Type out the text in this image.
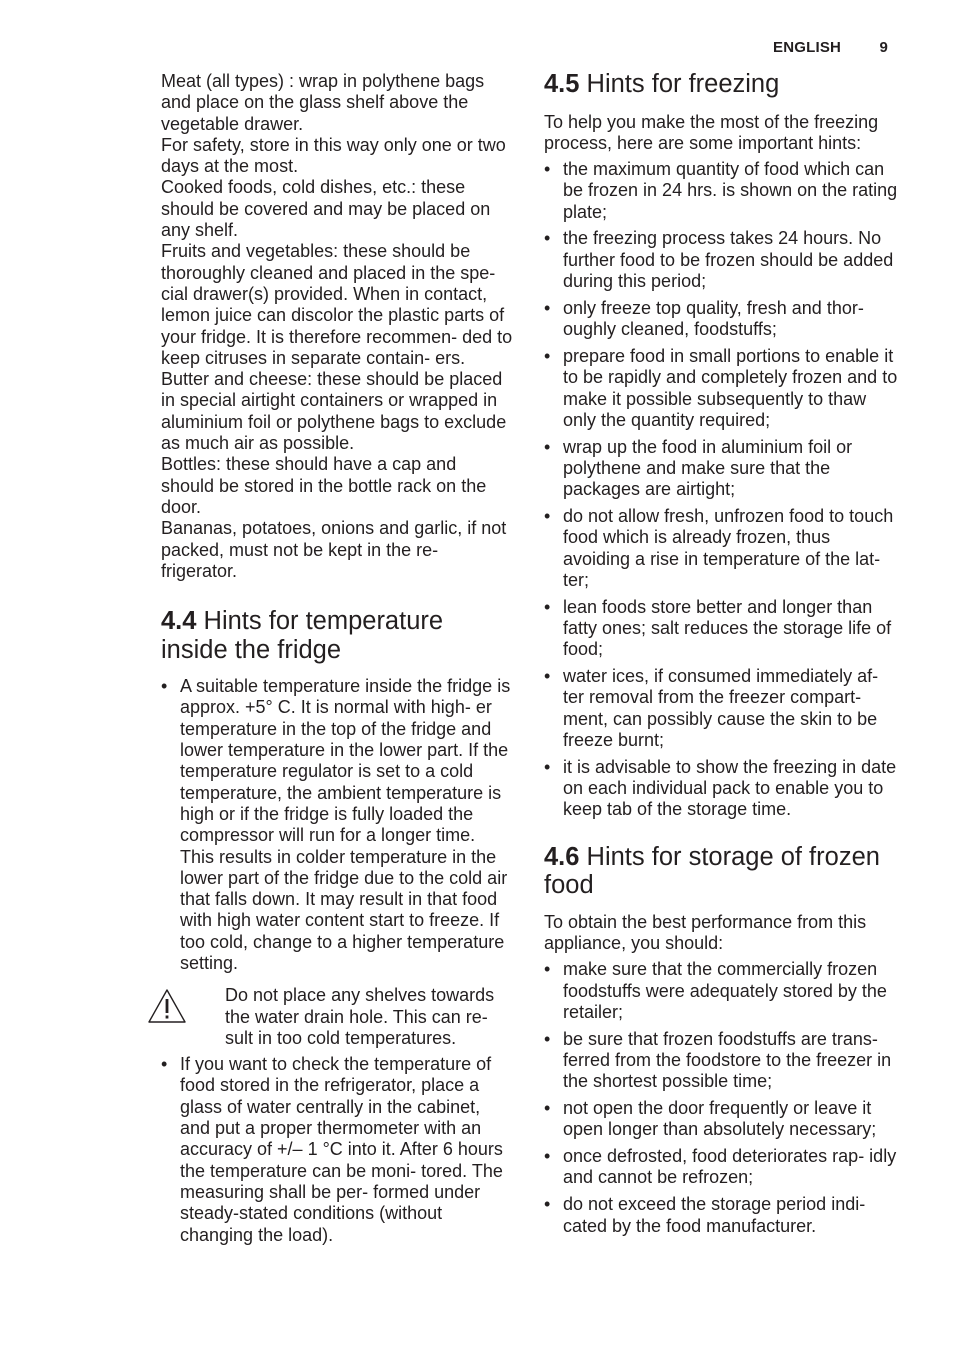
ENGLISH	9

Meat (all types) : wrap in polythene bags and place on the glass shelf above the vegetable drawer.

For safety, store in this way only one or two days at the most.

Cooked foods, cold dishes, etc.: these should be covered and may be placed on any shelf.

Fruits and vegetables: these should be thoroughly cleaned and placed in the spe- cial drawer(s) provided. When in contact, lemon juice can discolor the plastic parts of your fridge. It is therefore recommen- ded to keep citruses in separate contain- ers.

Butter and cheese: these should be placed in special airtight containers or wrapped in aluminium foil or polythene bags to exclude as much air as possible.

Bottles: these should have a cap and should be stored in the bottle rack on the door.

Bananas, potatoes, onions and garlic, if not packed, must not be kept in the re- frigerator.

4.4 Hints for temperature inside the fridge
• A suitable temperature inside the fridge is approx. +5° C. It is normal with high- er temperature in the top of the fridge and lower temperature in the lower part. If the temperature regulator is set to a cold temperature, the ambient temperature is high or if the fridge is fully loaded the compressor will run for a longer time. This results in colder temperature in the lower part of the fridge due to the cold air that falls down. It may result in that food with high water content start to freeze. If too cold, change to a higher temperature setting.
Do not place any shelves towards the water drain hole. This can re- sult in too cold temperatures.
• If you want to check the temperature of food stored in the refrigerator, place a glass of water centrally in the cabinet, and put a proper thermometer with an accuracy of +/– 1 °C into it. After 6 hours the temperature can be moni- tored. The measuring shall be per- formed under steady-stated conditions (without changing the load).
4.5 Hints for freezing

To help you make the most of the freezing process, here are some important hints:

• the maximum quantity of food which can be frozen in 24 hrs. is shown on the rating plate;
• the freezing process takes 24 hours. No further food to be frozen should be added during this period;
• only freeze top quality, fresh and thor- oughly cleaned, foodstuffs;
• prepare food in small portions to enable it to be rapidly and completely frozen and to make it possible subsequently to thaw only the quantity required;
• wrap up the food in aluminium foil or polythene and make sure that the packages are airtight;
• do not allow fresh, unfrozen food to touch food which is already frozen, thus avoiding a rise in temperature of the lat- ter;
• lean foods store better and longer than fatty ones; salt reduces the storage life of food;
• water ices, if consumed immediately af- ter removal from the freezer compart- ment, can possibly cause the skin to be freeze burnt;
• it is advisable to show the freezing in date on each individual pack to enable you to keep tab of the storage time.
4.6 Hints for storage of frozen food

To obtain the best performance from this appliance, you should:

• make sure that the commercially frozen foodstuffs were adequately stored by the retailer;
• be sure that frozen foodstuffs are trans- ferred from the foodstore to the freezer in the shortest possible time;
• not open the door frequently or leave it open longer than absolutely necessary;
• once defrosted, food deteriorates rap- idly and cannot be refrozen;
• do not exceed the storage period indi- cated by the food manufacturer.
